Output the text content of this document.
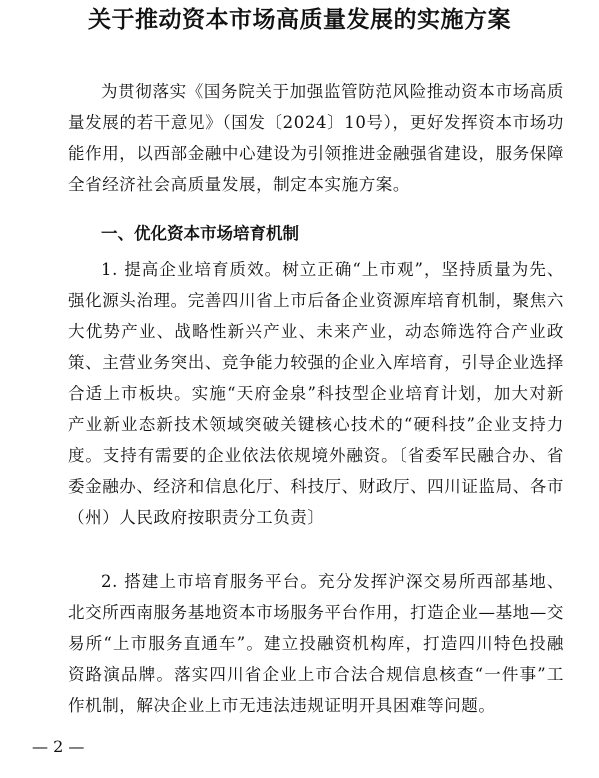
关于推动资本市场高质量发展的实施方案

为贯彻落实《国务院关于加强监管防范风险推动资本市场高质量发展的若干意见》（国发〔2024〕10号），更好发挥资本市场功能作用，以西部金融中心建设为引领推进金融强省建设，服务保障全省经济社会高质量发展，制定本实施方案。

一、优化资本市场培育机制

1. 提高企业培育质效。树立正确“上市观”，坚持质量为先、强化源头治理。完善四川省上市后备企业资源库培育机制，聚焦六大优势产业、战略性新兴产业、未来产业，动态筛选符合产业政策、主营业务突出、竞争能力较强的企业入库培育，引导企业选择合适上市板块。实施“天府金泉”科技型企业培育计划，加大对新产业新业态新技术领域突破关键核心技术的“硬科技”企业支持力度。支持有需要的企业依法依规境外融资。〔省委军民融合办、省委金融办、经济和信息化厅、科技厅、财政厅、四川证监局、各市（州）人民政府按职责分工负责〕

2. 搭建上市培育服务平台。充分发挥沪深交易所西部基地、北交所西南服务基地资本市场服务平台作用，打造企业—基地—交易所“上市服务直通车”。建立投融资机构库，打造四川特色投融资路演品牌。落实四川省企业上市合法合规信息核查“一件事”工作机制，解决企业上市无违法违规证明开具困难等问题。

— 2 —
